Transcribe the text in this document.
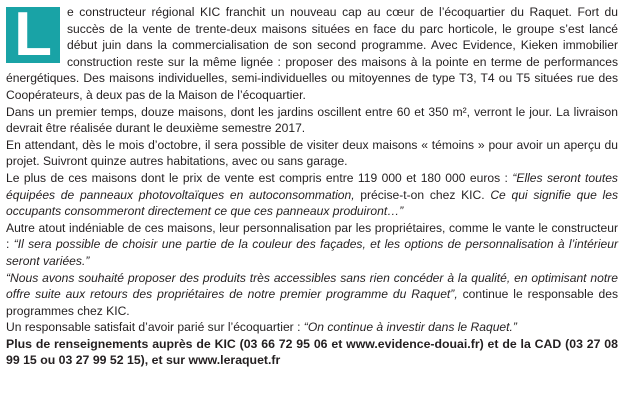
L	e constructeur régional KIC franchit un nouveau cap au cœur de l’écoquartier du Raquet. Fort du succès de la vente de trente-deux maisons situées en face du parc horticole, le groupe s’est lancé début juin dans la commercialisation de son second programme. Avec Evidence, Kieken immobilier construction reste sur la même lignée : proposer des maisons à la pointe en terme de performances énergétiques. Des maisons individuelles, semi-individuelles ou mitoyennes de type T3, T4 ou T5 situées rue des Coopérateurs, à deux pas de la Maison de l’écoquartier.

Dans un premier temps, douze maisons, dont les jardins oscillent entre 60 et 350 m², verront le jour. La livraison devrait être réalisée durant le deuxième semestre 2017.

En attendant, dès le mois d’octobre, il sera possible de visiter deux maisons « témoins » pour avoir un aperçu du projet. Suivront quinze autres habitations, avec ou sans garage.

Le plus de ces maisons dont le prix de vente est compris entre 119 000 et 180 000 euros : “Elles seront toutes équipées de panneaux photovoltaïques en autoconsommation, précise-t-on chez KIC. Ce qui signifie que les occupants consommeront directement ce que ces panneaux produiront…”

Autre atout indéniable de ces maisons, leur personnalisation par les propriétaires, comme le vante le constructeur : “Il sera possible de choisir une partie de la couleur des façades, et les options de personnalisation à l’intérieur seront variées.”

“Nous avons souhaité proposer des produits très accessibles sans rien concéder à la qualité, en optimisant notre offre suite aux retours des propriétaires de notre premier programme du Raquet”, continue le responsable des programmes chez KIC.

Un responsable satisfait d’avoir parié sur l’écoquartier : “On continue à investir dans le Raquet.”

Plus de renseignements auprès de KIC (03 66 72 95 06 et www.evidence-douai.fr) et de la CAD (03 27 08 99 15 ou 03 27 99 52 15), et sur www.leraquet.fr
